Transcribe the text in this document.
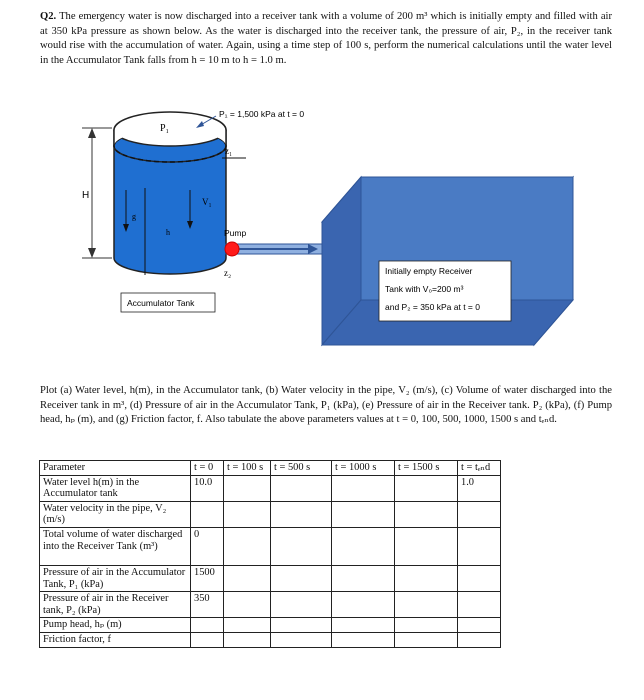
Q2. The emergency water is now discharged into a receiver tank with a volume of 200 m³ which is initially empty and filled with air at 350 kPa pressure as shown below. As the water is discharged into the receiver tank, the pressure of air, P₂, in the receiver tank would rise with the accumulation of water. Again, using a time step of 100 s, perform the numerical calculations until the water level in the Accumulator Tank falls from h = 10 m to h = 1.0 m.
H
P₁
g
h
V₁
P₁ = 1,500 kPa at t = 0
z₁
Pump
z₂
Accumulator Tank
Initially empty Receiver
Tank with V₀=200 m³
and P₂ = 350 kPa at t = 0
Plot (a) Water level, h(m), in the Accumulator tank, (b) Water velocity in the pipe, V₂ (m/s), (c) Volume of water discharged into the Receiver tank in m³, (d) Pressure of air in the Accumulator Tank, P₁ (kPa), (e) Pressure of air in the Receiver tank. P₂ (kPa), (f) Pump head, hₚ (m), and (g) Friction factor, f. Also tabulate the above parameters values at t = 0, 100, 500, 1000, 1500 s and tₑₙd.
Parameter	t = 0	t = 100 s	t = 500 s	t = 1000 s	t = 1500 s	t = tₑₙd
Water level h(m) in the Accumulator tank	10.0					1.0
Water velocity in the pipe, V₂ (m/s)						
Total volume of water discharged into the Receiver Tank (m³)	0					
Pressure of air in the Accumulator Tank, P₁ (kPa)	1500					
Pressure of air in the Receiver tank, P₂ (kPa)	350					
Pump head, hₚ (m)						
Friction factor, f						
